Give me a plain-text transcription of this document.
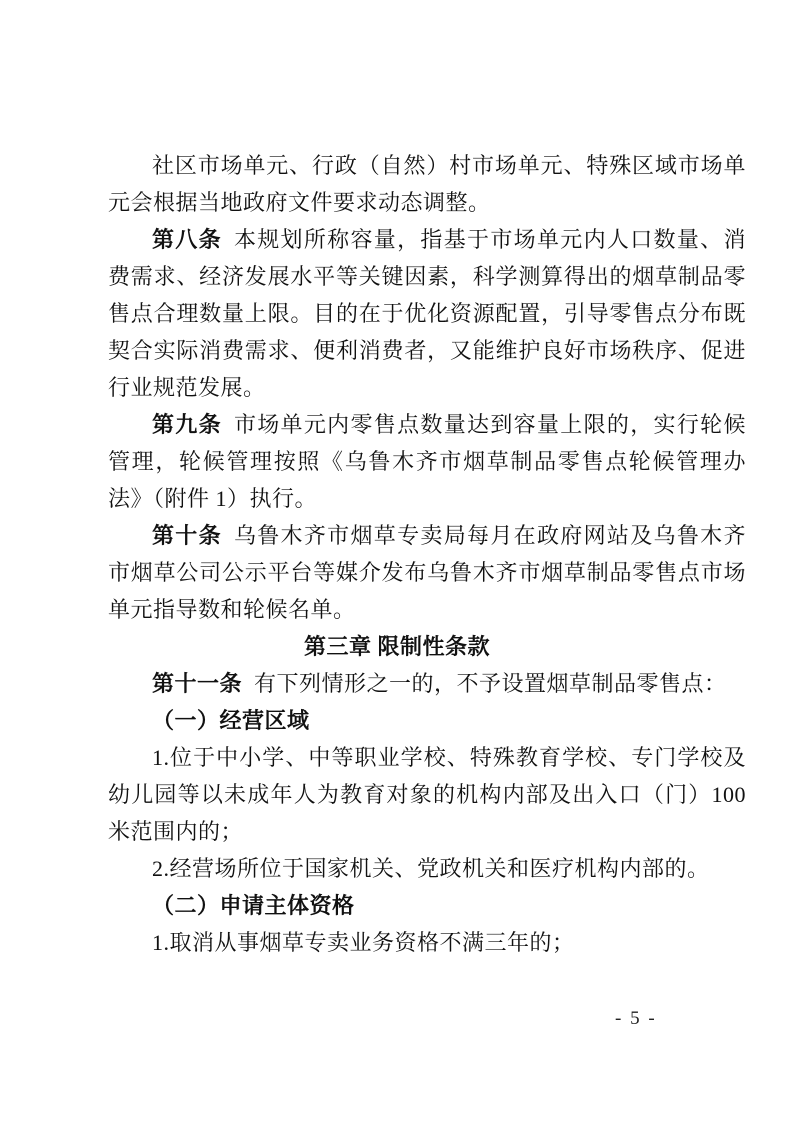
社区市场单元、行政（自然）村市场单元、特殊区域市场单元会根据当地政府文件要求动态调整。

第八条 本规划所称容量，指基于市场单元内人口数量、消费需求、经济发展水平等关键因素，科学测算得出的烟草制品零售点合理数量上限。目的在于优化资源配置，引导零售点分布既契合实际消费需求、便利消费者，又能维护良好市场秩序、促进行业规范发展。

第九条 市场单元内零售点数量达到容量上限的，实行轮候管理，轮候管理按照《乌鲁木齐市烟草制品零售点轮候管理办法》（附件 1）执行。

第十条 乌鲁木齐市烟草专卖局每月在政府网站及乌鲁木齐市烟草公司公示平台等媒介发布乌鲁木齐市烟草制品零售点市场单元指导数和轮候名单。

第三章 限制性条款

第十一条 有下列情形之一的，不予设置烟草制品零售点：

（一）经营区域

1.位于中小学、中等职业学校、特殊教育学校、专门学校及幼儿园等以未成年人为教育对象的机构内部及出入口（门）100米范围内的；

2.经营场所位于国家机关、党政机关和医疗机构内部的。

（二）申请主体资格

1.取消从事烟草专卖业务资格不满三年的；

- 5 -
